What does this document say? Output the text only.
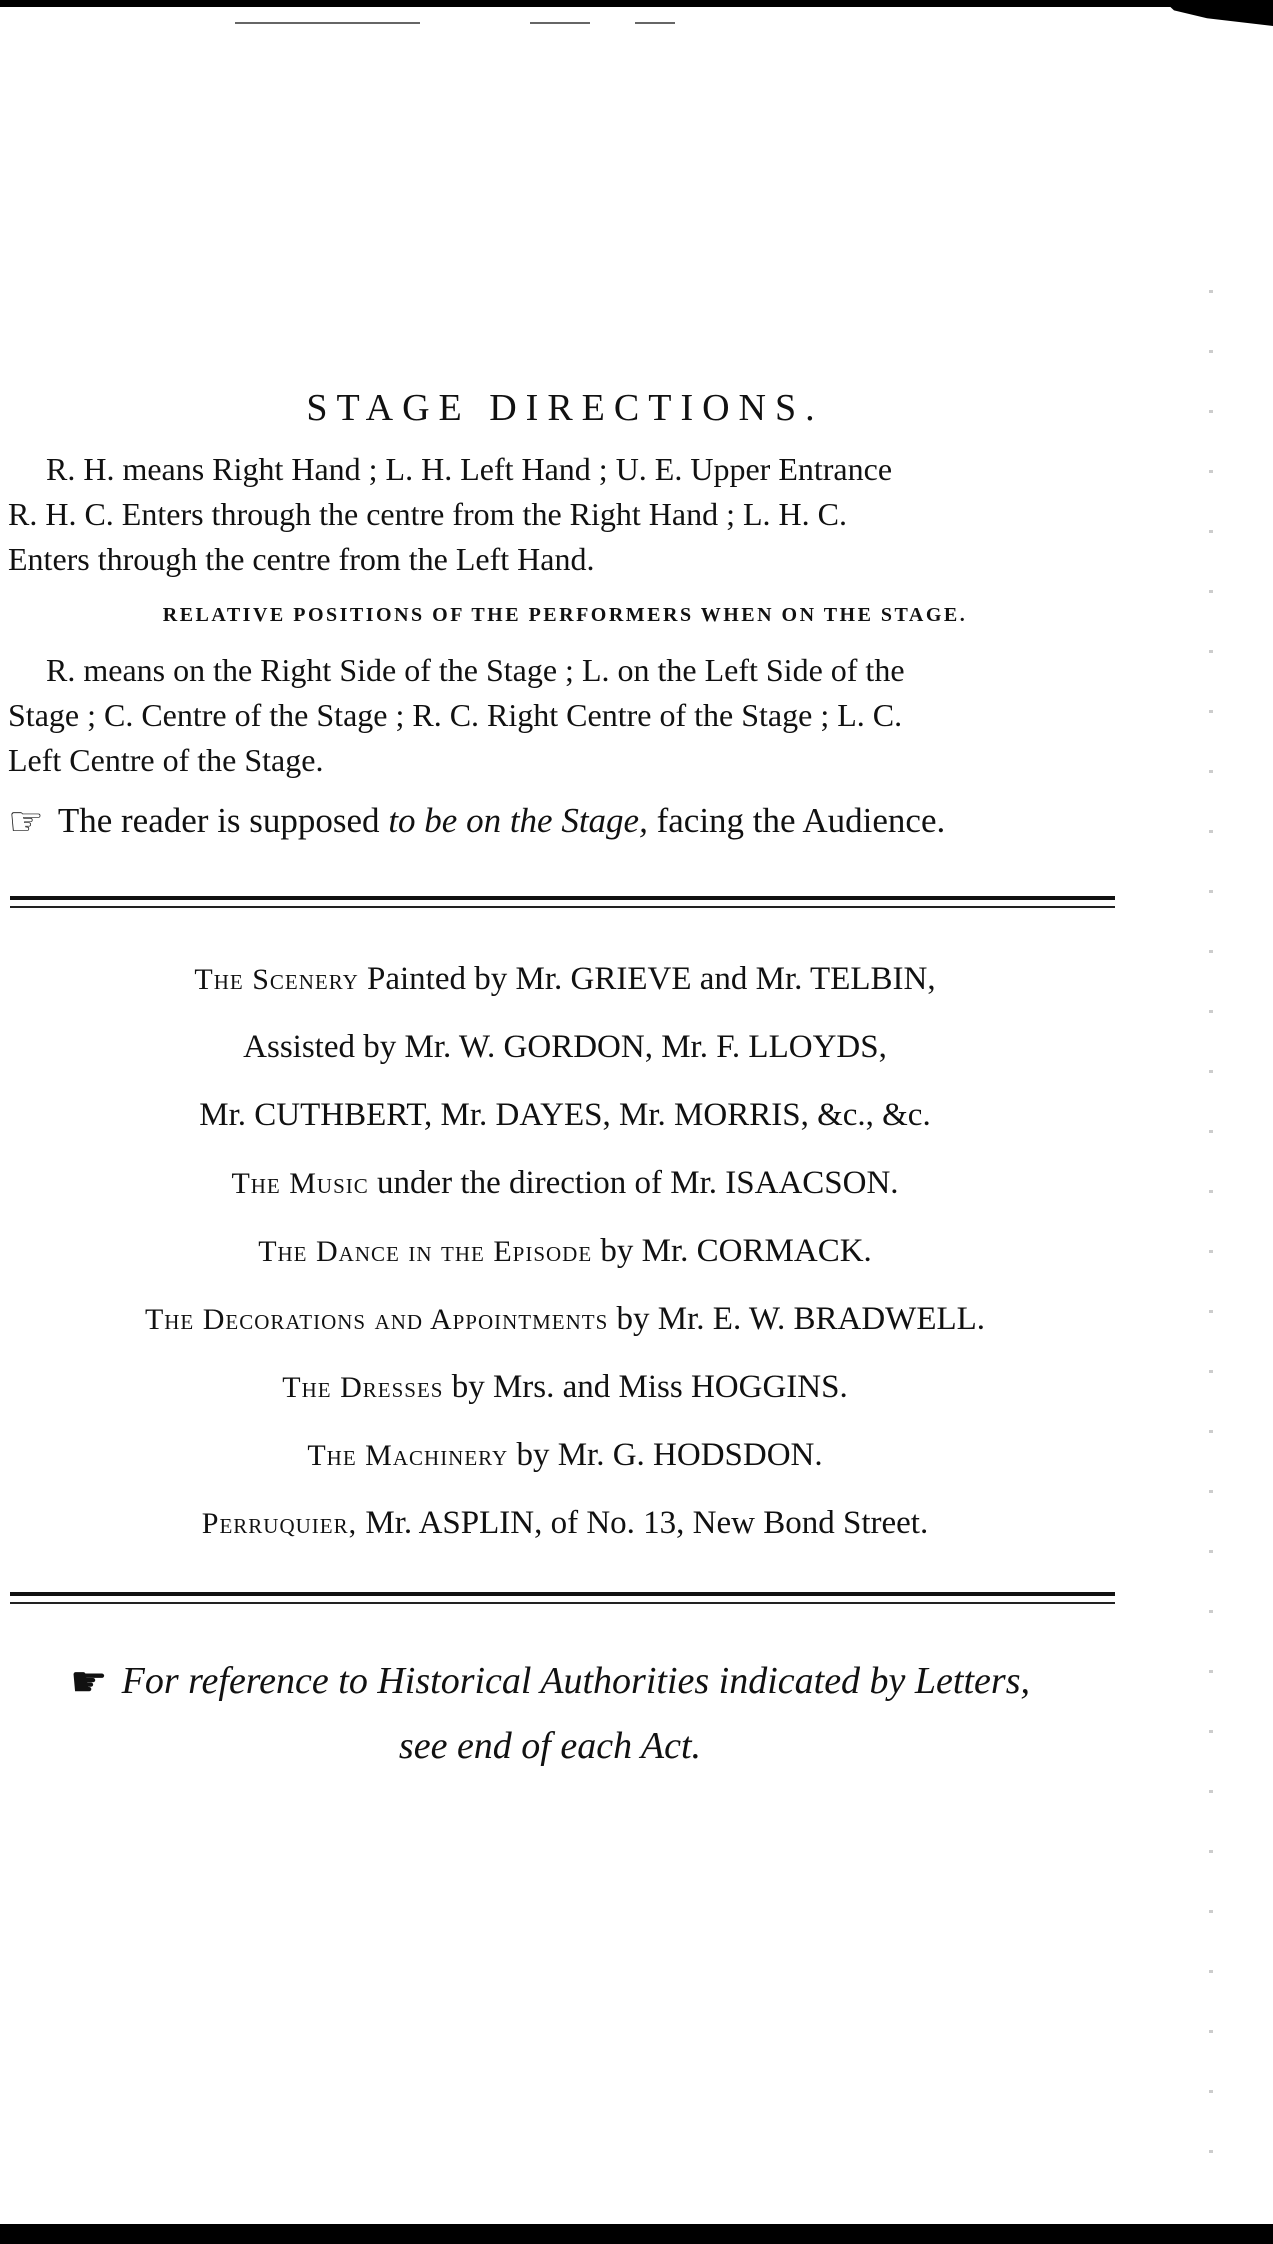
STAGE DIRECTIONS.

R. H. means Right Hand ; L. H. Left Hand ; U. E. Upper Entrance

R. H. C. Enters through the centre from the Right Hand ; L. H. C.

Enters through the centre from the Left Hand.

RELATIVE POSITIONS OF THE PERFORMERS WHEN ON THE STAGE.

R. means on the Right Side of the Stage ; L. on the Left Side of the

Stage ; C. Centre of the Stage ; R. C. Right Centre of the Stage ; L. C.

Left Centre of the Stage.

☞ The reader is supposed to be on the Stage, facing the Audience.
The Scenery Painted by Mr. GRIEVE and Mr. TELBIN,
Assisted by Mr. W. GORDON, Mr. F. LLOYDS,
Mr. CUTHBERT, Mr. DAYES, Mr. MORRIS, &c., &c.
The Music under the direction of Mr. ISAACSON.
The Dance in the Episode by Mr. CORMACK.
The Decorations and Appointments by Mr. E. W. BRADWELL.
The Dresses by Mrs. and Miss HOGGINS.
The Machinery by Mr. G. HODSDON.
Perruquier, Mr. ASPLIN, of No. 13, New Bond Street.
☛ For reference to Historical Authorities indicated by Letters,
see end of each Act.
